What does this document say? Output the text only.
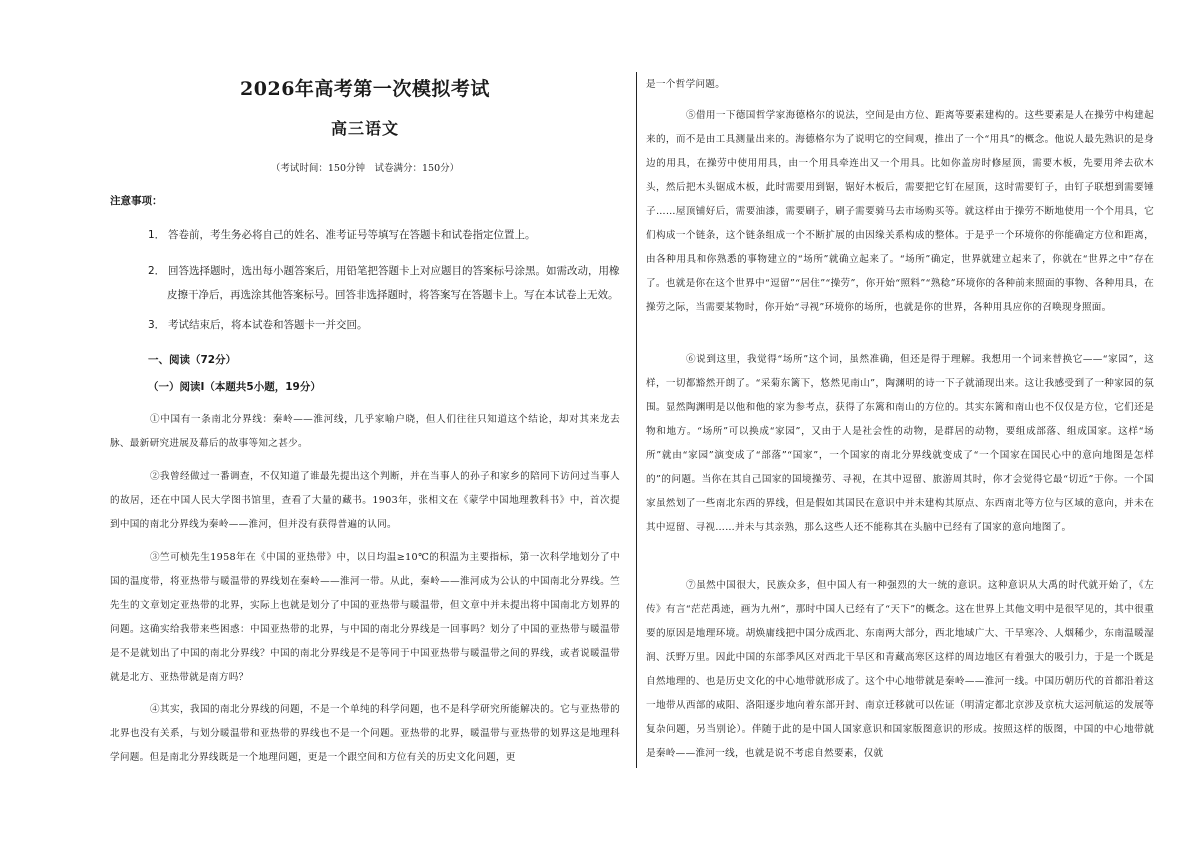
2026年高考第一次模拟考试
高三语文
（考试时间：150分钟　试卷满分：150分）
注意事项：
1． 答卷前，考生务必将自己的姓名、准考证号等填写在答题卡和试卷指定位置上。
2． 回答选择题时，选出每小题答案后，用铅笔把答题卡上对应题目的答案标号涂黑。如需改动，用橡
皮擦干净后，再选涂其他答案标号。回答非选择题时，将答案写在答题卡上。写在本试卷上无效。
3． 考试结束后，将本试卷和答题卡一并交回。
一、阅读（72分）
（一）阅读Ⅰ（本题共5小题，19分）
①中国有一条南北分界线：秦岭——淮河线，几乎家喻户晓，但人们往往只知道这个结论，却对其来龙去脉、最新研究进展及幕后的故事等知之甚少。
②我曾经做过一番调查，不仅知道了谁最先提出这个判断，并在当事人的孙子和家乡的陪同下访问过当事人的故居，还在中国人民大学图书馆里，查看了大量的藏书。1903年，张相文在《蒙学中国地理教科书》中，首次提到中国的南北分界线为秦岭——淮河，但并没有获得普遍的认同。
③竺可桢先生1958年在《中国的亚热带》中，以日均温≥10℃的积温为主要指标，第一次科学地划分了中国的温度带，将亚热带与暖温带的界线划在秦岭——淮河一带。从此，秦岭——淮河成为公认的中国南北分界线。竺先生的文章划定亚热带的北界，实际上也就是划分了中国的亚热带与暖温带，但文章中并未提出将中国南北方划界的问题。这确实给我带来些困惑：中国亚热带的北界，与中国的南北分界线是一回事吗？划分了中国的亚热带与暖温带是不是就划出了中国的南北分界线？中国的南北分界线是不是等同于中国亚热带与暖温带之间的界线，或者说暖温带就是北方、亚热带就是南方吗？
④其实，我国的南北分界线的问题，不是一个单纯的科学问题，也不是科学研究所能解决的。它与亚热带的北界也没有关系，与划分暖温带和亚热带的界线也不是一个问题。亚热带的北界，暖温带与亚热带的划界这是地理科学问题。但是南北分界线既是一个地理问题，更是一个跟空间和方位有关的历史文化问题，更
是一个哲学问题。
⑤借用一下德国哲学家海德格尔的说法，空间是由方位、距离等要素建构的。这些要素是人在操劳中构建起来的，而不是由工具测量出来的。海德格尔为了说明它的空间观，推出了一个“用具”的概念。他说人最先熟识的是身边的用具，在操劳中使用用具，由一个用具牵连出又一个用具。比如你盖房时修屋顶，需要木板，先要用斧去砍木头，然后把木头锯成木板，此时需要用到锯，锯好木板后，需要把它钉在屋顶，这时需要钉子，由钉子联想到需要锤子……屋顶铺好后，需要油漆，需要刷子，刷子需要骑马去市场购买等。就这样由于操劳不断地使用一个个用具，它们构成一个链条，这个链条组成一个不断扩展的由因缘关系构成的整体。于是乎一个环境你的你能确定方位和距离，由各种用具和你熟悉的事物建立的“场所”就确立起来了。“场所”确定，世界就建立起来了，你就在“世界之中”存在了。也就是你在这个世界中“逗留”“居住”“操劳”，你开始“照料”“熟稔”环境你的各种前来照面的事物、各种用具，在操劳之际，当需要某物时，你开始“寻视”环境你的场所，也就是你的世界，各种用具应你的召唤现身照面。
⑥说到这里，我觉得“场所”这个词，虽然准确，但还是得于理解。我想用一个词来替换它——“家园”，这样，一切都豁然开朗了。“采菊东篱下，悠然见南山”，陶渊明的诗一下子就涌现出来。这让我感受到了一种家园的氛围。显然陶渊明是以他和他的家为参考点，获得了东篱和南山的方位的。其实东篱和南山也不仅仅是方位，它们还是物和地方。“场所”可以换成“家园”，又由于人是社会性的动物，是群居的动物，要组成部落、组成国家。这样“场所”就由“家园”演变成了“部落”“国家”，一个国家的南北分界线就变成了“一个国家在国民心中的意向地图是怎样的”的问题。当你在其自己国家的国境操劳、寻视，在其中逗留、旅游周其时，你才会觉得它最“切近”于你。一个国家虽然划了一些南北东西的界线，但是假如其国民在意识中并未建构其原点、东西南北等方位与区域的意向，并未在其中逗留、寻视……并未与其亲熟，那么这些人还不能称其在头脑中已经有了国家的意向地图了。
⑦虽然中国很大，民族众多，但中国人有一种强烈的大一统的意识。这种意识从大禹的时代就开始了，《左传》有言“茫茫禹迹，画为九州”，那时中国人已经有了“天下”的概念。这在世界上其他文明中是很罕见的，其中很重要的原因是地理环境。胡焕庸线把中国分成西北、东南两大部分，西北地域广大、干旱寒冷、人烟稀少，东南温暖湿润、沃野万里。因此中国的东部季风区对西北干旱区和青藏高寒区这样的周边地区有着强大的吸引力，于是一个既是自然地理的、也是历史文化的中心地带就形成了。这个中心地带就是秦岭——淮河一线。中国历朝历代的首都沿着这一地带从西部的咸阳、洛阳逐步地向着东部开封、南京迁移就可以佐证（明清定都北京涉及京杭大运河航运的发展等复杂问题，另当别论）。伴随于此的是中国人国家意识和国家版图意识的形成。按照这样的版图，中国的中心地带就是秦岭——淮河一线，也就是说不考虑自然要素，仅就
